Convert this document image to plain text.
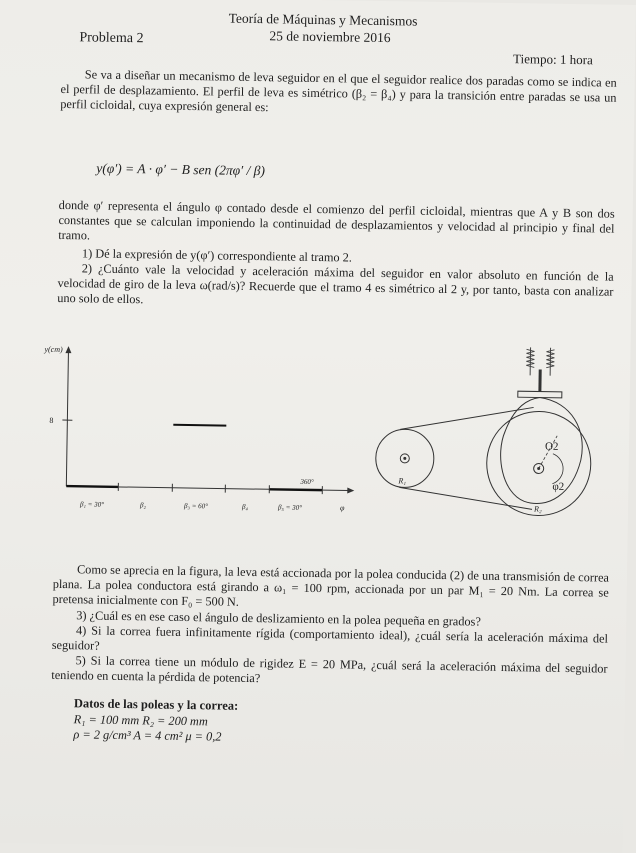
Teoría de Máquinas y Mecanismos
25 de noviembre 2016
Problema 2
Tiempo: 1 hora

Se va a diseñar un mecanismo de leva seguidor en el que el seguidor realice dos paradas como se indica en el perfil de desplazamiento. El perfil de leva es simétrico (β₂ = β₄) y para la transición entre paradas se usa un perfil cicloidal, cuya expresión general es:

y(φ′) = A · φ′ − B sen (2πφ′ / β)

donde φ′ representa el ángulo φ contado desde el comienzo del perfil cicloidal, mientras que A y B son dos constantes que se calculan imponiendo la continuidad de desplazamientos y velocidad al principio y final del tramo.

1) Dé la expresión de y(φ′) correspondiente al tramo 2.

2) ¿Cuánto vale la velocidad y aceleración máxima del seguidor en valor absoluto en función de la velocidad de giro de la leva ω(rad/s)? Recuerde que el tramo 4 es simétrico al 2 y, por tanto, basta con analizar uno solo de ellos.

y(cm)
8
360°
φ
β₁ = 30°	β₂	β₃ = 60°	β₄	β₅ = 30°
R₁
O2
φ2
R₂

Como se aprecia en la figura, la leva está accionada por la polea conducida (2) de una transmisión de correa plana. La polea conductora está girando a ω₁ = 100 rpm, accionada por un par M₁ = 20 Nm. La correa se pretensa inicialmente con F₀ = 500 N.

3) ¿Cuál es en ese caso el ángulo de deslizamiento en la polea pequeña en grados?

4) Si la correa fuera infinitamente rígida (comportamiento ideal), ¿cuál sería la aceleración máxima del seguidor?

5) Si la correa tiene un módulo de rigidez E = 20 MPa, ¿cuál será la aceleración máxima del seguidor teniendo en cuenta la pérdida de potencia?

Datos de las poleas y la correa:
R₁ = 100 mm R₂ = 200 mm
ρ = 2 g/cm³ A = 4 cm² μ = 0,2
